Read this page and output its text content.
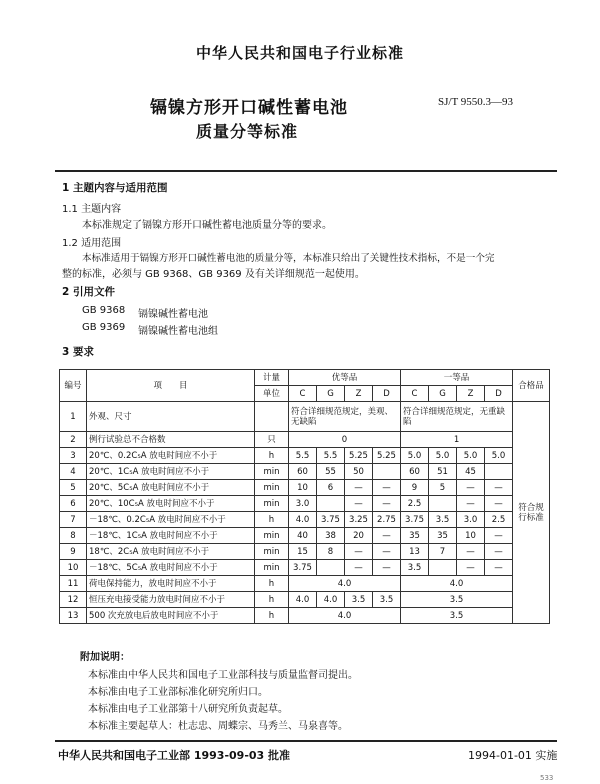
中华人民共和国电子行业标准
镉镍方形开口碱性蓄电池
质量分等标准
SJ/T 9550.3—93
1 主题内容与适用范围
1.1 主题内容
本标准规定了镉镍方形开口碱性蓄电池质量分等的要求。
1.2 适用范围
本标准适用于镉镍方形开口碱性蓄电池的质量分等，本标准只给出了关键性技术指标，不是一个完
整的标准，必须与 GB 9368、GB 9369 及有关详细规范一起使用。
2 引用文件
GB 9368 镉镍碱性蓄电池
GB 9369 镉镍碱性蓄电池组
3 要求
编号	项　　目	计量	优等品				一等品				合格品
		单位	C	G	Z	D	C	G	Z	D	
1	外观、尺寸		符合详细规范规定，美观、无缺陷				符合详细规范规定，无重缺陷				符合规
行标准

2	例行试验总不合格数	只	0				1				
3	20℃、0.2C₅A 放电时间应不小于	h	5.5	5.5	5.25	5.25	5.0	5.0	5.0	5.0	
4	20℃、1C₅A 放电时间应不小于	min	60	55	50		60	51	45		
5	20℃、5C₅A 放电时间应不小于	min	10	6	—	—	9	5	—	—	
6	20℃、10C₅A 放电时间应不小于	min	3.0		—	—	2.5		—	—	
7	－18℃、0.2C₅A 放电时间应不小于	h	4.0	3.75	3.25	2.75	3.75	3.5	3.0	2.5	
8	－18℃、1C₅A 放电时间应不小于	min	40	38	20	—	35	35	10	—	
9	18℃、2C₅A 放电时间应不小于	min	15	8	—	—	13	7	—	—	
10	－18℃、5C₅A 放电时间应不小于	min	3.75		—	—	3.5		—	—	
11	荷电保持能力，放电时间应不小于	h	4.0				4.0				
12	恒压充电接受能力放电时间应不小于	h	4.0	4.0	3.5	3.5	3.5				
13	500 次充放电后放电时间应不小于	h	4.0				3.5				
附加说明：
本标准由中华人民共和国电子工业部科技与质量监督司提出。
本标准由电子工业部标准化研究所归口。
本标准由电子工业部第十八研究所负责起草。
本标准主要起草人：杜志忠、周蝶宗、马秀兰、马泉喜等。
中华人民共和国电子工业部 1993-09-03 批准	1994-01-01 实施
533
